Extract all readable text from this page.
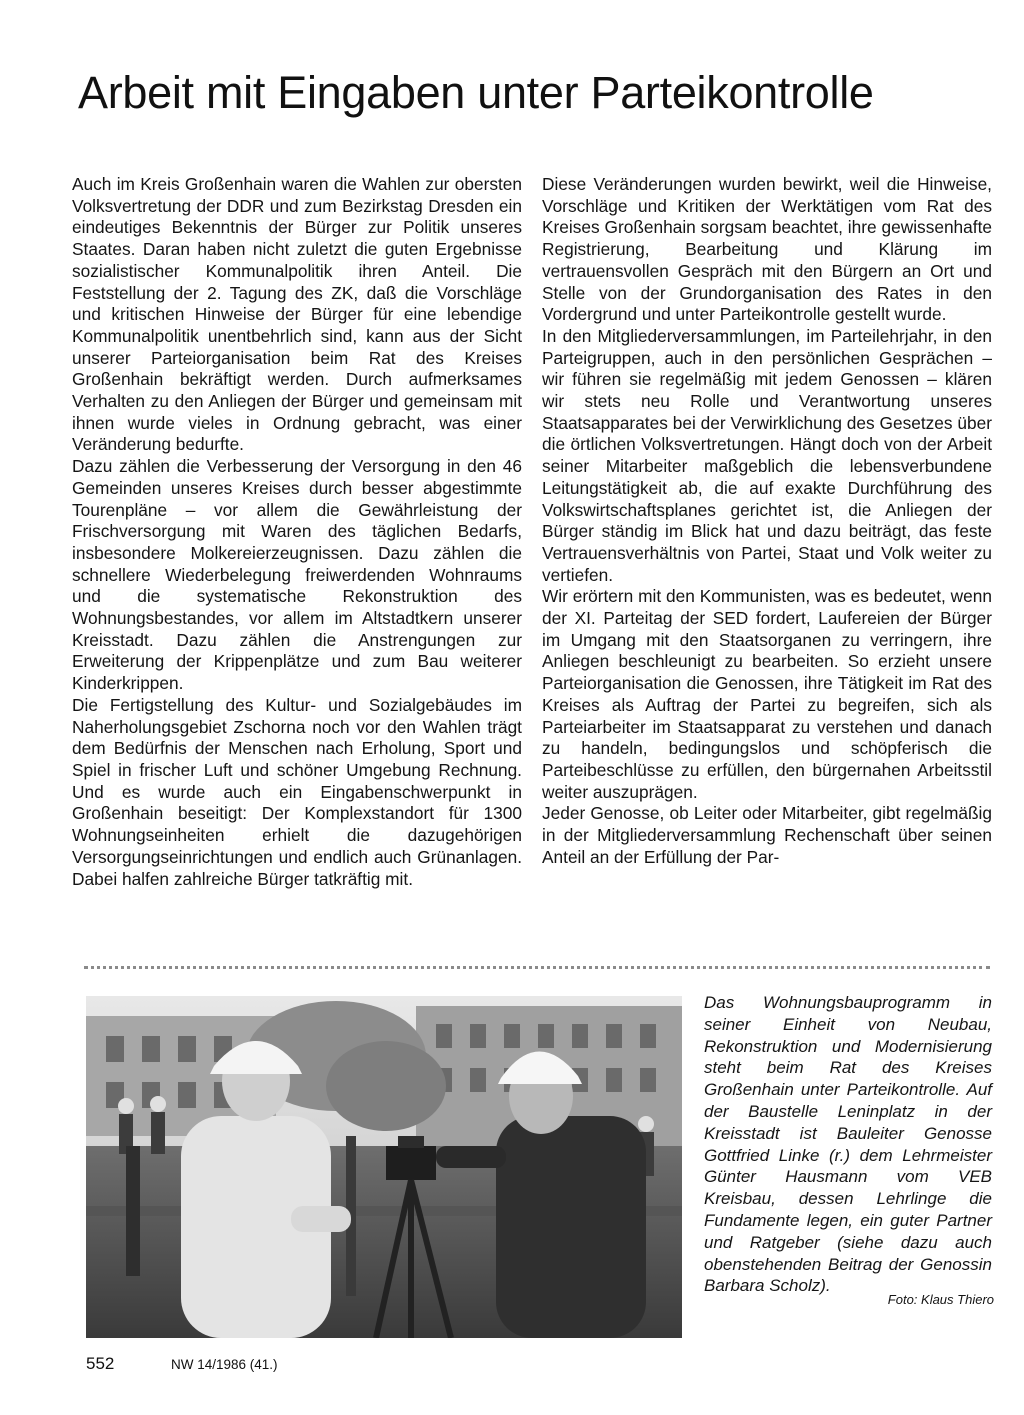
Arbeit mit Eingaben unter Parteikontrolle

Auch im Kreis Großenhain waren die Wahlen zur obersten Volksvertretung der DDR und zum Bezirkstag Dresden ein eindeutiges Bekenntnis der Bürger zur Politik unseres Staates. Daran haben nicht zuletzt die guten Ergebnisse sozialistischer Kommunalpolitik ihren Anteil. Die Feststellung der 2. Tagung des ZK, daß die Vorschläge und kritischen Hinweise der Bürger für eine lebendige Kommunalpolitik unentbehrlich sind, kann aus der Sicht unserer Parteiorganisation beim Rat des Kreises Großenhain bekräftigt werden. Durch aufmerksames Verhalten zu den Anliegen der Bürger und gemeinsam mit ihnen wurde vieles in Ordnung gebracht, was einer Veränderung bedurfte.

Dazu zählen die Verbesserung der Versorgung in den 46 Gemeinden unseres Kreises durch besser abgestimmte Tourenpläne – vor allem die Gewährleistung der Frischversorgung mit Waren des täglichen Bedarfs, insbesondere Molkereierzeugnissen. Dazu zählen die schnellere Wiederbelegung freiwerdenden Wohnraums und die systematische Rekonstruktion des Wohnungsbestandes, vor allem im Altstadtkern unserer Kreisstadt. Dazu zählen die Anstrengungen zur Erweiterung der Krippenplätze und zum Bau weiterer Kinderkrippen.

Die Fertigstellung des Kultur- und Sozialgebäudes im Naherholungsgebiet Zschorna noch vor den Wahlen trägt dem Bedürfnis der Menschen nach Erholung, Sport und Spiel in frischer Luft und schöner Umgebung Rechnung. Und es wurde auch ein Eingabenschwerpunkt in Großenhain beseitigt: Der Komplexstandort für 1300 Wohnungseinheiten erhielt die dazugehörigen Versorgungseinrichtungen und endlich auch Grünanlagen. Dabei halfen zahlreiche Bürger tatkräftig mit.

Diese Veränderungen wurden bewirkt, weil die Hinweise, Vorschläge und Kritiken der Werktätigen vom Rat des Kreises Großenhain sorgsam beachtet, ihre gewissenhafte Registrierung, Bearbeitung und Klärung im vertrauensvollen Gespräch mit den Bürgern an Ort und Stelle von der Grundorganisation des Rates in den Vordergrund und unter Parteikontrolle gestellt wurde.

In den Mitgliederversammlungen, im Parteilehrjahr, in den Parteigruppen, auch in den persönlichen Gesprächen – wir führen sie regelmäßig mit jedem Genossen – klären wir stets neu Rolle und Verantwortung unseres Staatsapparates bei der Verwirklichung des Gesetzes über die örtlichen Volksvertretungen. Hängt doch von der Arbeit seiner Mitarbeiter maßgeblich die lebensverbundene Leitungstätigkeit ab, die auf exakte Durchführung des Volkswirtschaftsplanes gerichtet ist, die Anliegen der Bürger ständig im Blick hat und dazu beiträgt, das feste Vertrauensverhältnis von Partei, Staat und Volk weiter zu vertiefen.

Wir erörtern mit den Kommunisten, was es bedeutet, wenn der XI. Parteitag der SED fordert, Laufereien der Bürger im Umgang mit den Staatsorganen zu verringern, ihre Anliegen beschleunigt zu bearbeiten. So erzieht unsere Parteiorganisation die Genossen, ihre Tätigkeit im Rat des Kreises als Auftrag der Partei zu begreifen, sich als Parteiarbeiter im Staatsapparat zu verstehen und danach zu handeln, bedingungslos und schöpferisch die Parteibeschlüsse zu erfüllen, den bürgernahen Arbeitsstil weiter auszuprägen.

Jeder Genosse, ob Leiter oder Mitarbeiter, gibt regelmäßig in der Mitgliederversammlung Rechenschaft über seinen Anteil an der Erfüllung der Par-

Das Wohnungsbauprogramm in seiner Einheit von Neubau, Rekonstruktion und Modernisierung steht beim Rat des Kreises Großenhain unter Parteikontrolle. Auf der Baustelle Leninplatz in der Kreisstadt ist Bauleiter Genosse Gottfried Linke (r.) dem Lehrmeister Günter Hausmann vom VEB Kreisbau, dessen Lehrlinge die Fundamente legen, ein guter Partner und Ratgeber (siehe dazu auch obenstehenden Beitrag der Genossin Barbara Scholz).
Foto: Klaus Thiero
552	NW 14/1986 (41.)
